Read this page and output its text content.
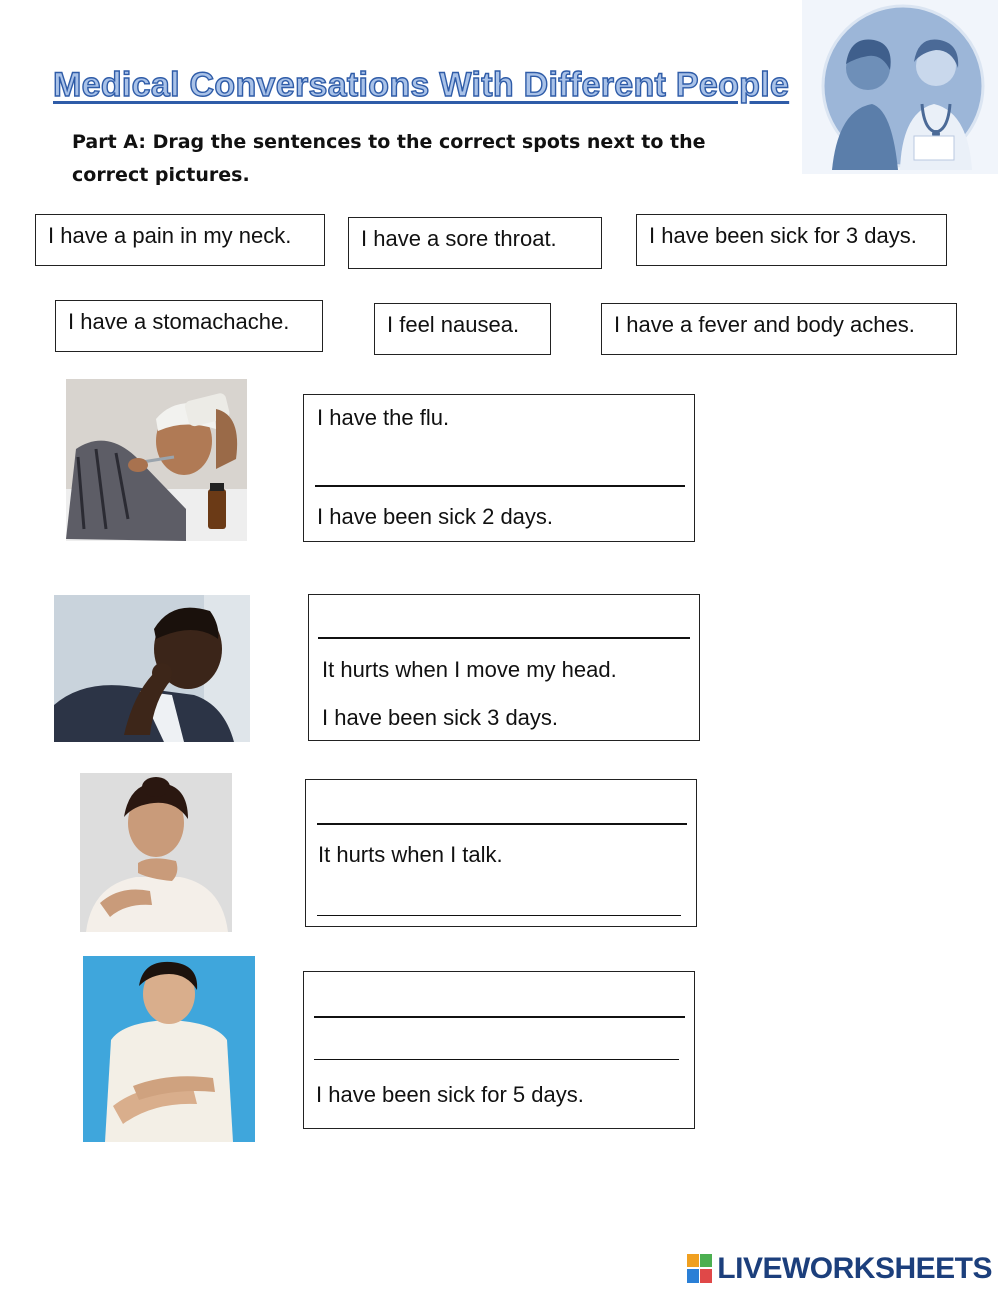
Medical Conversations With Different People

Part A: Drag the sentences to the correct spots next to the correct pictures.

I have a pain in my neck.	I have a sore throat.	I have been sick for 3 days.
I have a stomachache.	I feel nausea.	I have a fever and body aches.
I have the flu.
I have been sick 2 days.
It hurts when I move my head.
I have been sick 3 days.
It hurts when I talk.
I have been sick for 5 days.
LIVEWORKSHEETS
